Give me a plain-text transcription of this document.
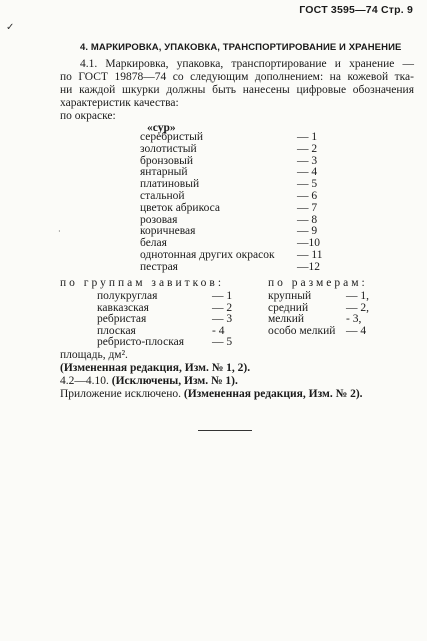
ГОСТ 3595—74 Стр. 9
✓
4. МАРКИРОВКА, УПАКОВКА, ТРАНСПОРТИРОВАНИЕ И ХРАНЕНИЕ
4.1. Маркировка, упаковка, транспортирование и хранение —
по ГОСТ 19878—74 со следующим дополнением: на кожевой тка-
ни каждой шкурки должны быть нанесены цифровые обозначения
характеристик качества:
по окраске:
«сур»
серебристый	— 1
золотистый	— 2
бронзовый	— 3
янтарный	— 4
платиновый	— 5
стальной	— 6
цветок абрикоса	— 7
розовая	— 8
коричневая	— 9
белая	—10
однотонная других окрасок — 11
пестрая	—12
по группам завитков:	по размерам:
полукруглая	— 1
кавказская	— 2
ребристая	— 3
плоская	- 4
ребристо-плоская — 5
крупный	— 1,
средний	— 2,
мелкий	- 3,
особо мелкий — 4
площадь, дм².
(Измененная редакция, Изм. № 1, 2).
4.2—4.10. (Исключены, Изм. № 1).
Приложение исключено. (Измененная редакция, Изм. № 2).
·
